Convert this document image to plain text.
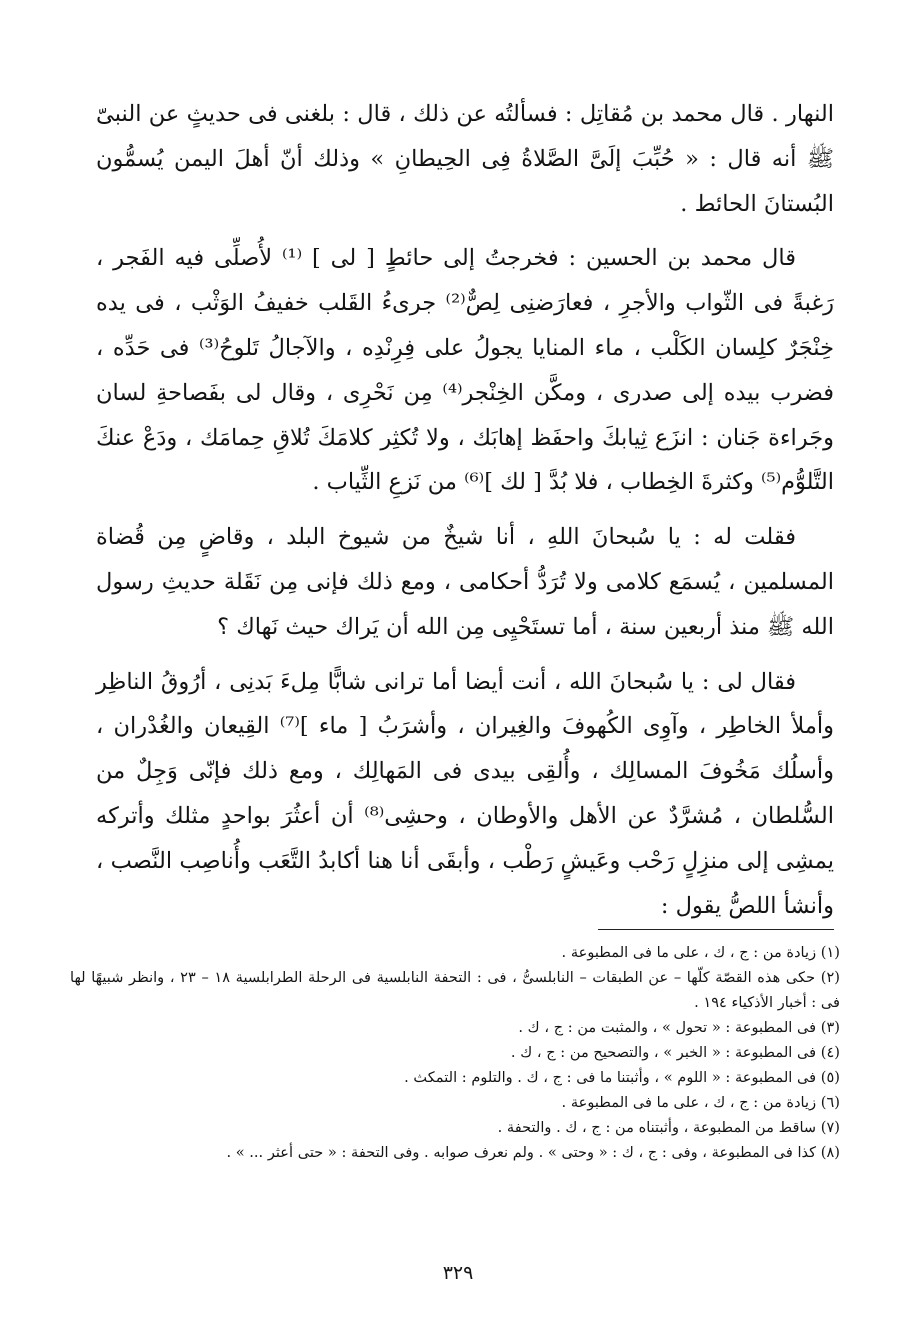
النهار . قال محمد بن مُقاتِل : فسألتُه عن ذلك ، قال : بلغنى فى حديثٍ عن النبىّ ﷺ أنه قال : « حُبِّبَ إلَىَّ الصَّلاةُ فِى الحِيطانِ » وذلك أنّ أهلَ اليمن يُسمُّون البُستانَ الحائط .

قال محمد بن الحسين : فخرجتُ إلى حائطٍ [ لى ] ⁽¹⁾ لأُصلِّى فيه الفَجر ، رَغبةً فى الثّواب والأجرِ ، فعارَضنِى لِصٌّ⁽²⁾ جرىءُ القَلب خفيفُ الوَثْب ، فى يده خِنْجَرٌ كلِسان الكَلْب ، ماء المنايا يجولُ على فِرِنْدِه ، والآجالُ تَلوحُ⁽³⁾ فى حَدِّه ، فضرب بيده إلى صدرى ، ومكَّن الخِنْجر⁽⁴⁾ مِن نَحْرِى ، وقال لى بفَصاحةِ لسان وجَراءة جَنان : انزَع ثِيابكَ واحفَظ إهابَك ، ولا تُكثِر كلامَكَ تُلاقِ حِمامَك ، ودَعْ عنكَ التَّلوُّم⁽⁵⁾ وكثرةَ الخِطاب ، فلا بُدَّ [ لك ]⁽⁶⁾ من نَزعِ الثِّياب .

فقلت له : يا سُبحانَ اللهِ ، أنا شيخٌ من شيوخ البلد ، وقاضٍ مِن قُضاة المسلمين ، يُسمَع كلامى ولا تُرَدُّ أحكامى ، ومع ذلك فإنى مِن نَقَلة حديثِ رسول الله ﷺ منذ أربعين سنة ، أما تستَحْيِى مِن الله أن يَراك حيث نَهاك ؟

فقال لى : يا سُبحانَ الله ، أنت أيضا أما ترانى شابًّا مِلءَ بَدنِى ، أرُوقُ الناظِر وأملأ الخاطِر ، وآوِى الكُهوفَ والغِيران ، وأشرَبُ [ ماء ]⁽⁷⁾ القِيعان والغُدْران ، وأسلُك مَخُوفَ المسالِك ، وأُلقِى بيدى فى المَهالِك ، ومع ذلك فإنّى وَجِلٌ من السُّلطان ، مُشرَّدٌ عن الأهل والأوطان ، وحشِى⁽⁸⁾ أن أعثُرَ بواحدٍ مثلك وأتركه يمشِى إلى منزِلٍ رَحْب وعَيشٍ رَطْب ، وأبقَى أنا هنا أكابدُ التَّعَب وأُناصِب النَّصب ، وأنشأ اللصُّ يقول :

(١) زيادة من : ج ، ك ، على ما فى المطبوعة .

(٢) حكى هذه القصّة كلّها – عن الطبقات – النابلسىُّ ، فى : التحفة النابلسية فى الرحلة الطرابلسية ١٨ – ٢٣ ، وانظر شبيهًا لها فى : أخبار الأذكياء ١٩٤ .

(٣) فى المطبوعة : « تحول » ، والمثبت من : ج ، ك .

(٤) فى المطبوعة : « الخبر » ، والتصحيح من : ج ، ك .

(٥) فى المطبوعة : « اللوم » ، وأثبتنا ما فى : ج ، ك . والتلوم : التمكث .

(٦) زيادة من : ج ، ك ، على ما فى المطبوعة .

(٧) ساقط من المطبوعة ، وأثبتناه من : ج ، ك . والتحفة .

(٨) كذا فى المطبوعة ، وفى : ج ، ك : « وحتى » . ولم نعرف صوابه . وفى التحفة : « حتى أعثر ... » .

٣٢٩
